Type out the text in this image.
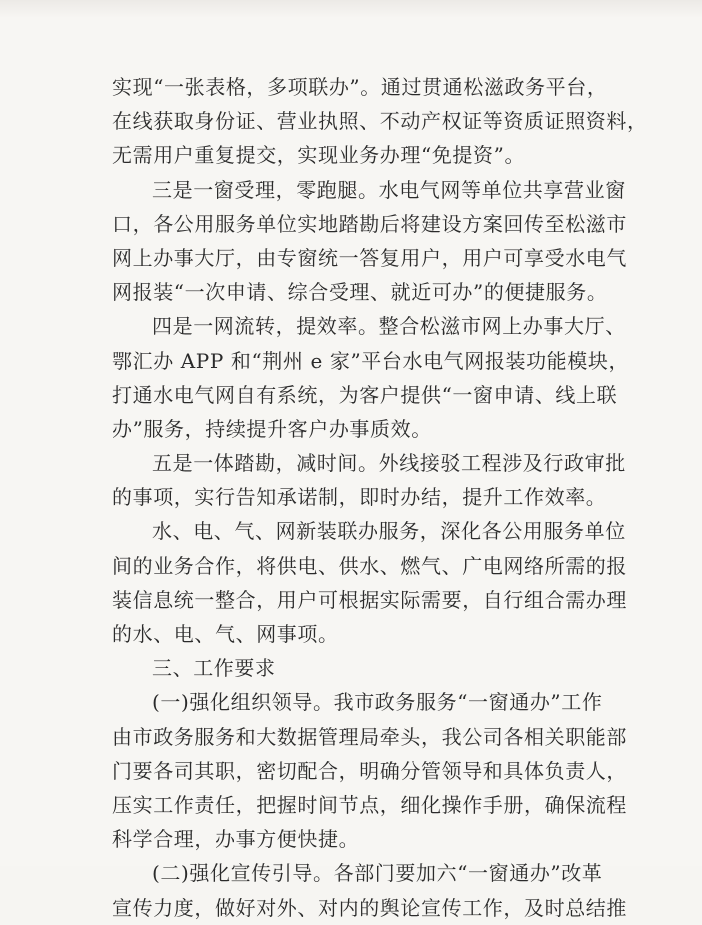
实现“一张表格，多项联办”。通过贯通松滋政务平台，
在线获取身份证、营业执照、不动产权证等资质证照资料，
无需用户重复提交，实现业务办理“免提资”。
三是一窗受理，零跑腿。水电气网等单位共享营业窗
口，各公用服务单位实地踏勘后将建设方案回传至松滋市
网上办事大厅，由专窗统一答复用户，用户可享受水电气
网报装“一次申请、综合受理、就近可办”的便捷服务。
四是一网流转，提效率。整合松滋市网上办事大厅、
鄂汇办 APP 和“荆州 e 家”平台水电气网报装功能模块，
打通水电气网自有系统，为客户提供“一窗申请、线上联
办”服务，持续提升客户办事质效。
五是一体踏勘，减时间。外线接驳工程涉及行政审批
的事项，实行告知承诺制，即时办结，提升工作效率。
水、电、气、网新装联办服务，深化各公用服务单位
间的业务合作，将供电、供水、燃气、广电网络所需的报
装信息统一整合，用户可根据实际需要，自行组合需办理
的水、电、气、网事项。
三、工作要求
(一)强化组织领导。我市政务服务“一窗通办”工作
由市政务服务和大数据管理局牵头，我公司各相关职能部
门要各司其职，密切配合，明确分管领导和具体负责人，
压实工作责任，把握时间节点，细化操作手册，确保流程
科学合理，办事方便快捷。
(二)强化宣传引导。各部门要加六“一窗通办”改革
宣传力度，做好对外、对内的舆论宣传工作，及时总结推
